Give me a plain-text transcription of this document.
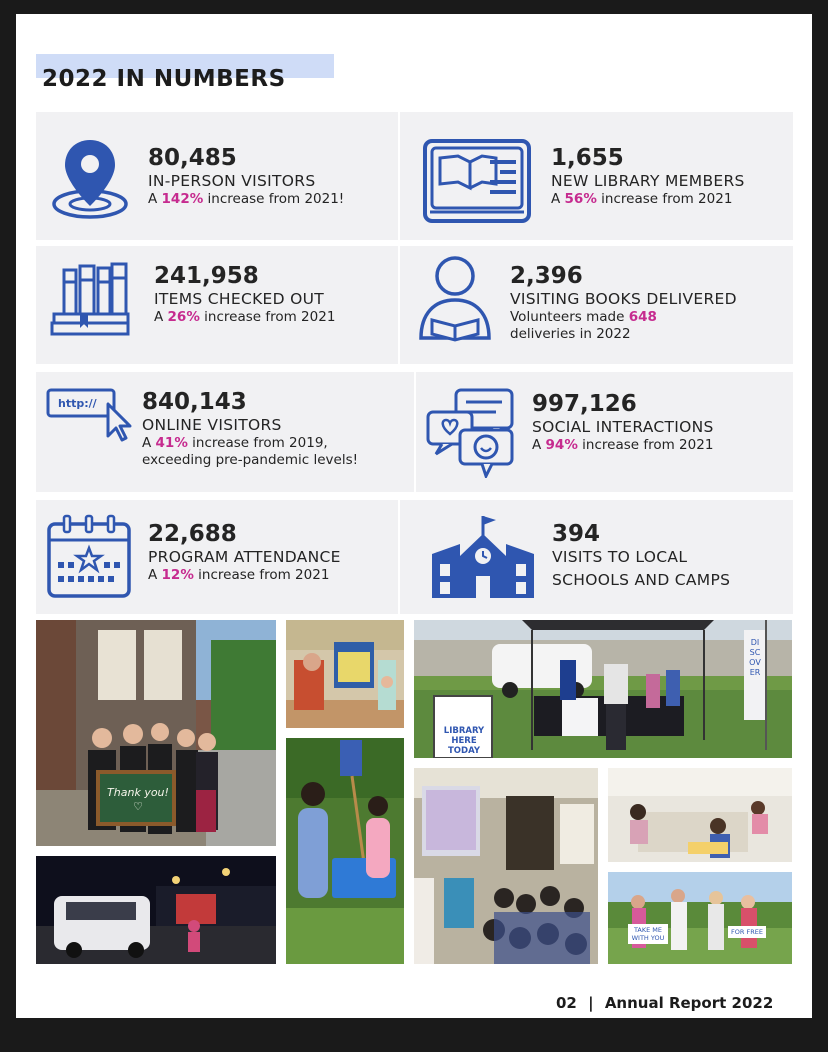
2022 IN NUMBERS
http://
80,485
IN-PERSON VISITORS
A 142% increase from 2021!
1,655
NEW LIBRARY MEMBERS
A 56% increase from 2021
241,958
ITEMS CHECKED OUT
A 26% increase from 2021
2,396
VISITING BOOKS DELIVERED
Volunteers made 648
deliveries in 2022
840,143
ONLINE VISITORS
A 41% increase from 2019,
exceeding pre-pandemic levels!
997,126
SOCIAL INTERACTIONS
A 94% increase from 2021
22,688
PROGRAM ATTENDANCE
A 12% increase from 2021
394
VISITS TO LOCAL
SCHOOLS AND CAMPS
Thank you! ♡
LIBRARY HERE TODAY
DISCOVER
TAKE ME WITH YOU
FOR FREE
02 | Annual Report 2022
